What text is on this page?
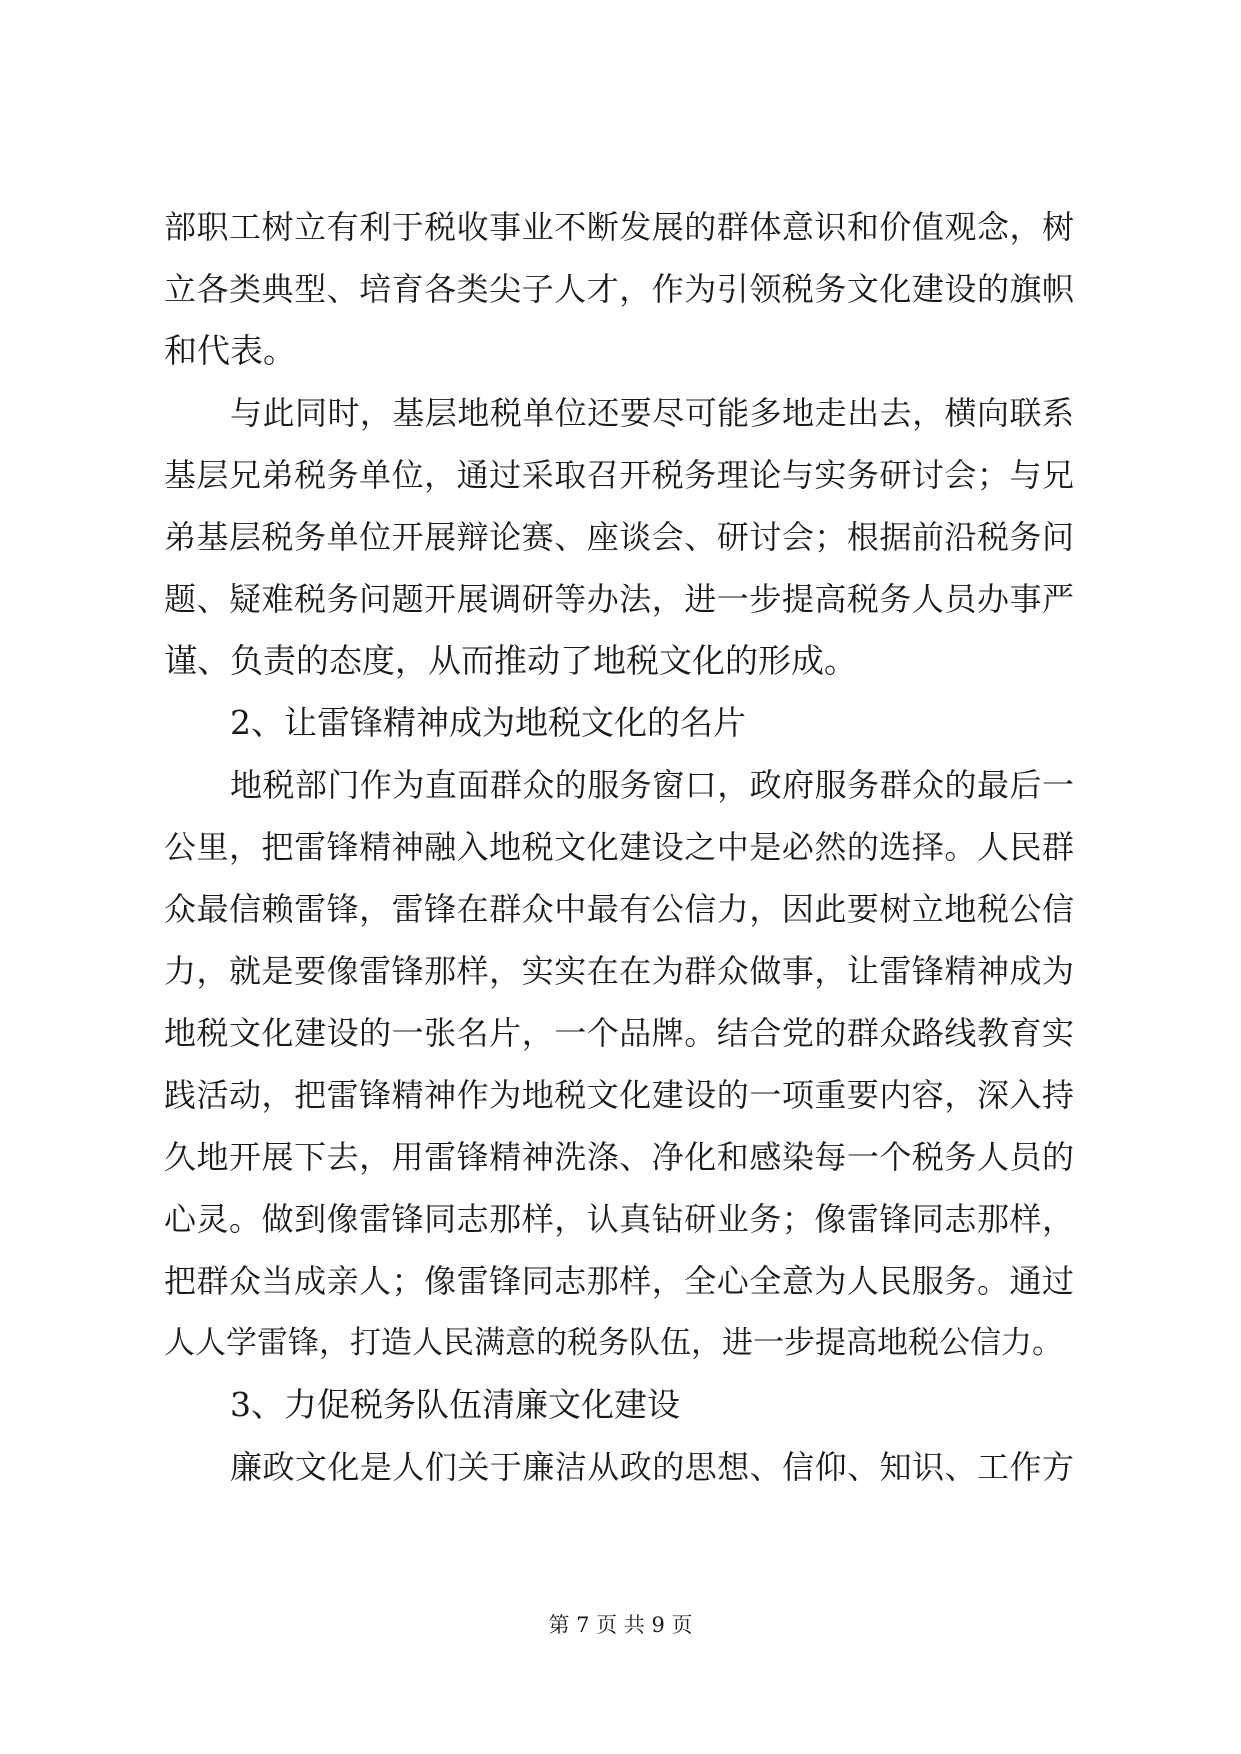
部职工树立有利于税收事业不断发展的群体意识和价值观念，树
立各类典型、培育各类尖子人才，作为引领税务文化建设的旗帜
和代表。
与此同时，基层地税单位还要尽可能多地走出去，横向联系
基层兄弟税务单位，通过采取召开税务理论与实务研讨会；与兄
弟基层税务单位开展辩论赛、座谈会、研讨会；根据前沿税务问
题、疑难税务问题开展调研等办法，进一步提高税务人员办事严
谨、负责的态度，从而推动了地税文化的形成。
2、让雷锋精神成为地税文化的名片
地税部门作为直面群众的服务窗口，政府服务群众的最后一
公里，把雷锋精神融入地税文化建设之中是必然的选择。人民群
众最信赖雷锋，雷锋在群众中最有公信力，因此要树立地税公信
力，就是要像雷锋那样，实实在在为群众做事，让雷锋精神成为
地税文化建设的一张名片，一个品牌。结合党的群众路线教育实
践活动，把雷锋精神作为地税文化建设的一项重要内容，深入持
久地开展下去，用雷锋精神洗涤、净化和感染每一个税务人员的
心灵。做到像雷锋同志那样，认真钻研业务；像雷锋同志那样，
把群众当成亲人；像雷锋同志那样，全心全意为人民服务。通过
人人学雷锋，打造人民满意的税务队伍，进一步提高地税公信力。
3、力促税务队伍清廉文化建设
廉政文化是人们关于廉洁从政的思想、信仰、知识、工作方
第 7 页 共 9 页
